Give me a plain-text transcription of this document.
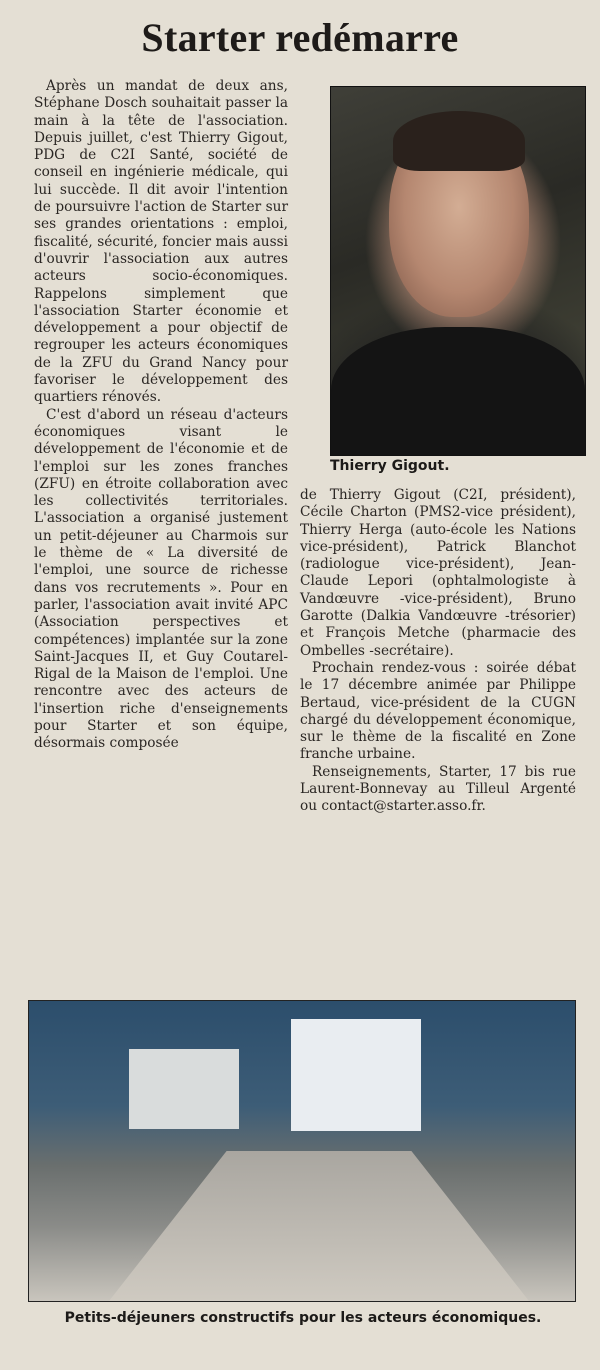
Starter redémarre

Après un mandat de deux ans, Stéphane Dosch souhaitait passer la main à la tête de l'association. Depuis juillet, c'est Thierry Gigout, PDG de C2I Santé, société de conseil en ingénierie médicale, qui lui succède. Il dit avoir l'intention de poursuivre l'action de Starter sur ses grandes orientations : emploi, fiscalité, sécurité, foncier mais aussi d'ouvrir l'association aux autres acteurs socio-économiques. Rappelons simplement que l'association Starter économie et développement a pour objectif de regrouper les acteurs économiques de la ZFU du Grand Nancy pour favoriser le développement des quartiers rénovés.

C'est d'abord un réseau d'acteurs économiques visant le développement de l'économie et de l'emploi sur les zones franches (ZFU) en étroite collaboration avec les collectivités territoriales. L'association a organisé justement un petit-déjeuner au Charmois sur le thème de « La diversité de l'emploi, une source de richesse dans vos recrutements ». Pour en parler, l'association avait invité APC (Association perspectives et compétences) implantée sur la zone Saint-Jacques II, et Guy Coutarel-Rigal de la Maison de l'emploi. Une rencontre avec des acteurs de l'insertion riche d'enseignements pour Starter et son équipe, désormais composée

Thierry Gigout.

de Thierry Gigout (C2I, président), Cécile Charton (PMS2-vice président), Thierry Herga (auto-école les Nations vice-président), Patrick Blanchot (radiologue vice-président), Jean-Claude Lepori (ophtalmologiste à Vandœuvre -vice-président), Bruno Garotte (Dalkia Vandœuvre -trésorier) et François Metche (pharmacie des Ombelles -secrétaire).

Prochain rendez-vous : soirée débat le 17 décembre animée par Philippe Bertaud, vice-président de la CUGN chargé du développement économique, sur le thème de la fiscalité en Zone franche urbaine.

Renseignements, Starter, 17 bis rue Laurent-Bonnevay au Tilleul Argenté ou contact@starter.asso.fr.

Petits-déjeuners constructifs pour les acteurs économiques.
